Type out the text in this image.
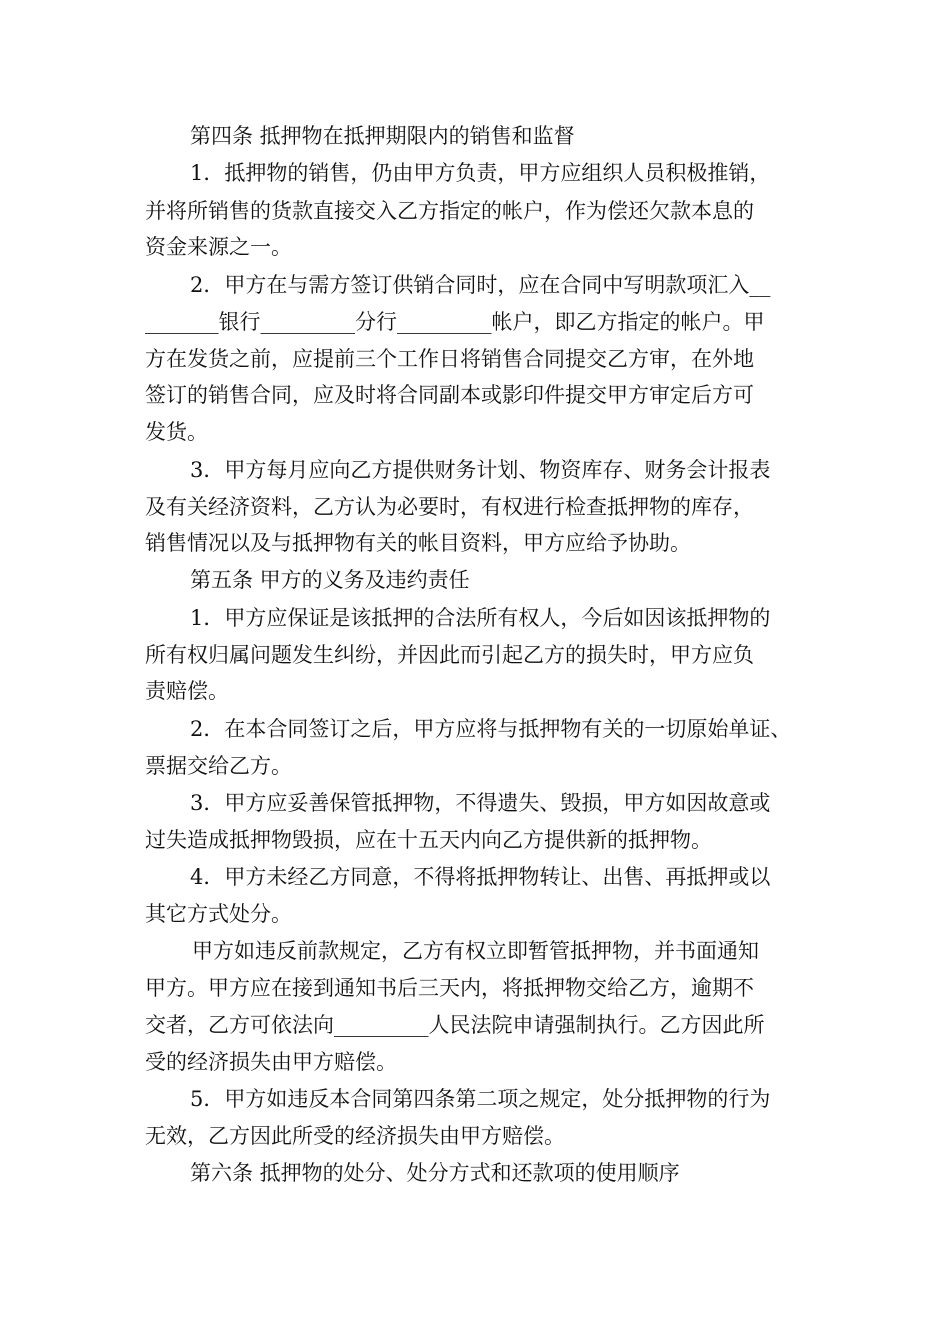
第四条 抵押物在抵押期限内的销售和监督
1．抵押物的销售，仍由甲方负责，甲方应组织人员积极推销，
并将所销售的货款直接交入乙方指定的帐户，作为偿还欠款本息的
资金来源之一。
2．甲方在与需方签订供销合同时，应在合同中写明款项汇入__
_______银行_________分行_________帐户，即乙方指定的帐户。甲
方在发货之前，应提前三个工作日将销售合同提交乙方审，在外地
签订的销售合同，应及时将合同副本或影印件提交甲方审定后方可
发货。
3．甲方每月应向乙方提供财务计划、物资库存、财务会计报表
及有关经济资料，乙方认为必要时，有权进行检查抵押物的库存，
销售情况以及与抵押物有关的帐目资料，甲方应给予协助。
第五条 甲方的义务及违约责任
1．甲方应保证是该抵押的合法所有权人，今后如因该抵押物的
所有权归属问题发生纠纷，并因此而引起乙方的损失时，甲方应负
责赔偿。
2．在本合同签订之后，甲方应将与抵押物有关的一切原始单证、
票据交给乙方。
3．甲方应妥善保管抵押物，不得遗失、毁损，甲方如因故意或
过失造成抵押物毁损，应在十五天内向乙方提供新的抵押物。
4．甲方未经乙方同意，不得将抵押物转让、出售、再抵押或以
其它方式处分。
甲方如违反前款规定，乙方有权立即暂管抵押物，并书面通知
甲方。甲方应在接到通知书后三天内，将抵押物交给乙方，逾期不
交者，乙方可依法向_________人民法院申请强制执行。乙方因此所
受的经济损失由甲方赔偿。
5．甲方如违反本合同第四条第二项之规定，处分抵押物的行为
无效，乙方因此所受的经济损失由甲方赔偿。
第六条 抵押物的处分、处分方式和还款项的使用顺序
